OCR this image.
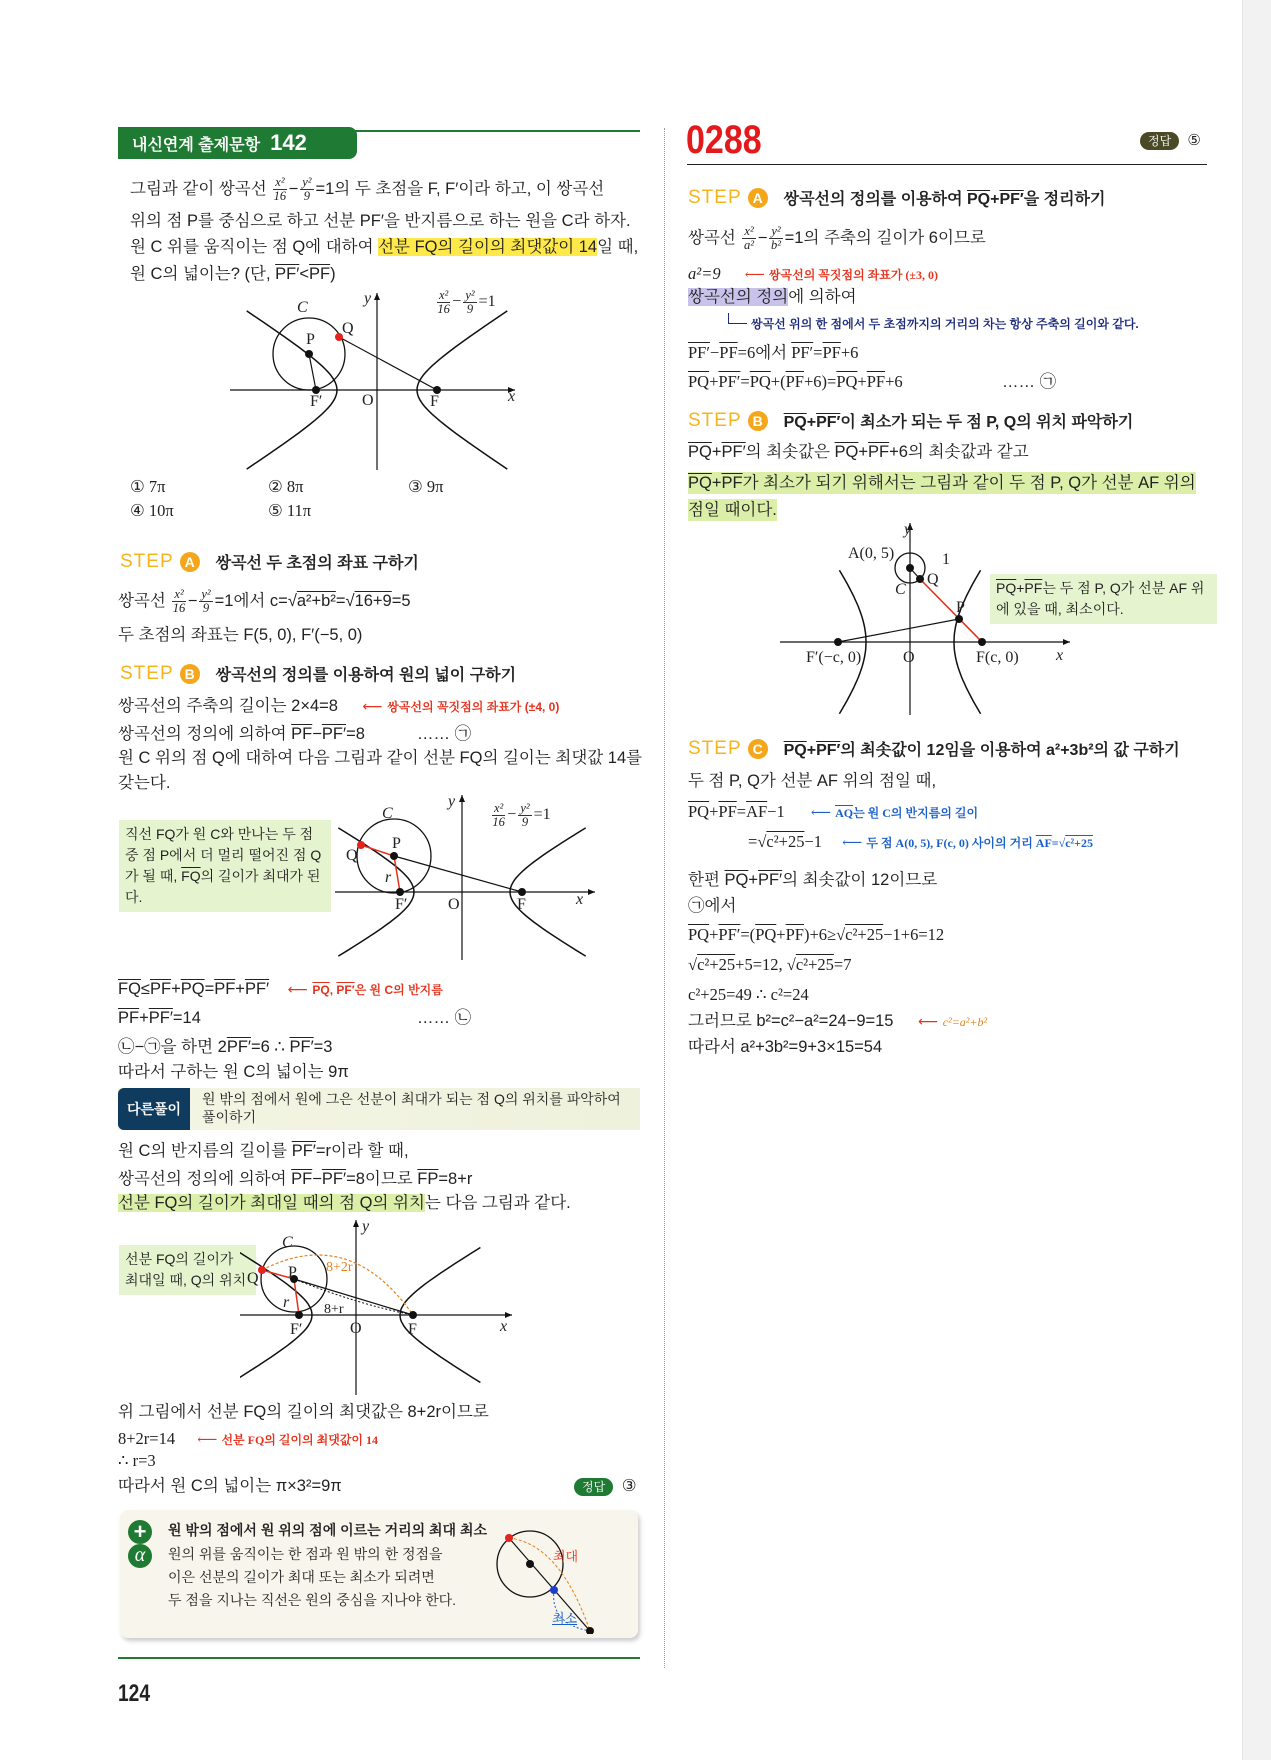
내신연계 출제문항 142
그림과 같이 쌍곡선 $\frac{\text{x²}}{16} - \frac{\text{y²}}{9} =1$의 두 초점을 F, F′이라 하고, 이 쌍곡선
위의 점 P를 중심으로 하고 선분 PF′을 반지름으로 하는 원을 C라 하자.
원 C 위를 움직이는 점 Q에 대하여 선분 FQ의 길이의 최댓값이 14일 때,
원 C의 넓이는? (단, $PF'<\overline{PF}$)
y
x
O	F
F′
P
Q
C	$\frac{\text{x²}}{16} - \frac{\text{y²}}{9} =1$
① 7π	② 8π	③ 9π
④ 10π	⑤ 11π
STEP A	쌍곡선 두 초점의 좌표 구하기
쌍곡선 $\frac{\text{x²}}{16} - \frac{\text{y²}}{9} =1$에서 c=√a²+b²=√16+9=5
두 초점의 좌표는 F(5, 0), F′(−5, 0)
STEP B	쌍곡선의 정의를 이용하여 원의 넓이 구하기
쌍곡선의 주축의 길이는 2×4=8 ⟵ 쌍곡선의 꼭짓점의 좌표가 (±4, 0)
쌍곡선의 정의에 의하여 $\overline{PF}-PF'=8$	…… ㉠
원 C 위의 점 Q에 대하여 다음 그림과 같이 선분 FQ의 길이는 최댓값 14를
갖는다.
직선 FQ가 원 C와 만나는 두 점 중 점 P에서 더 멀리 떨어진 점 Q가 될 때, $\overline{FQ}$의 길이가 최대가 된다.
y
x
O	F
F′
P
Q
r
C	$\frac{\text{x²}}{16} - \frac{\text{y²}}{9} =1$
$\overline{FQ}\le\overline{PF}+\overline{PQ}=\overline{PF}+PF'$ ⟵ $\overline{PQ}$, PF′은 원 C의 반지름
$\overline{PF}+PF'=14$	…… ㉡
㉡−㉠을 하면 2PF′=6 ∴ PF′=3
따라서 구하는 원 C의 넓이는 9π
다른풀이
원 밖의 점에서 원에 그은 선분이 최대가 되는 점 Q의 위치를 파악하여 풀이하기
원 C의 반지름의 길이를 PF′=r이라 할 때,
쌍곡선의 정의에 의하여 $\overline{PF}-PF'=8$이므로 $\overline{FP}=8+r$
선분 FQ의 길이가 최대일 때의 점 Q의 위치는 다음 그림과 같다.
선분 FQ의 길이가 최대일 때, Q의 위치
y
x
O	F
F′
P
Q
r
C
8+2r
8+r
위 그림에서 선분 FQ의 길이의 최댓값은 8+2r이므로
8+2r=14 ⟵ 선분 FQ의 길이의 최댓값이 14
∴ r=3
따라서 원 C의 넓이는 π×3²=9π	정답 ③
+
α
원 밖의 점에서 원 위의 점에 이르는 거리의 최대 최소
원의 위를 움직이는 한 점과 원 밖의 한 정점을
이은 선분의 길이가 최대 또는 최소가 되려면
두 점을 지나는 직선은 원의 중심을 지나야 한다.
최대
최소
124
0288	정답 ⑤
STEP A	쌍곡선의 정의를 이용하여 $\overline{PQ}+PF'$을 정리하기
쌍곡선 $\frac{\text{x²}}{\text{a²}} - \frac{\text{y²}}{\text{b²}} =1$의 주축의 길이가 6이므로
a²=9 ⟵ 쌍곡선의 꼭짓점의 좌표가 (±3, 0)
쌍곡선의 정의에 의하여
쌍곡선 위의 한 점에서 두 초점까지의 거리의 차는 항상 주축의 길이와 같다.
$PF'-\overline{PF}=6$에서 $PF'=\overline{PF}+6$
$\overline{PQ}+PF'=\overline{PQ}+(\overline{PF}+6)=\overline{PQ}+\overline{PF}+6$	…… ㉠
STEP B	$\overline{PQ}+PF'$이 최소가 되는 두 점 P, Q의 위치 파악하기
$\overline{PQ}+PF'$의 최솟값은 $\overline{PQ}+\overline{PF}+6$의 최솟값과 같고
$\overline{PQ}+\overline{PF}$가 최소가 되기 위해서는 그림과 같이 두 점 P, Q가 선분 AF 위의
점일 때이다.
y
A(0, 5)	1
Q
C
P
F′(−c, 0)	O	F(c, 0) x
$\overline{PQ}+\overline{PF}$는 두 점 P, Q가 선분 AF 위에 있을 때, 최소이다.
STEP C	$\overline{PQ}+PF'$의 최솟값이 12임을 이용하여 a²+3b²의 값 구하기
두 점 P, Q가 선분 AF 위의 점일 때,
$\overline{PQ}+\overline{PF}=\overline{AF}-1$ ⟵ $\overline{AQ}$는 원 C의 반지름의 길이
=√c²+25−1 ⟵ 두 점 A(0, 5), F(c, 0) 사이의 거리 $\overline{AF}=√c^2+25$
한편 $\overline{PQ}+PF'$의 최솟값이 12이므로
㉠에서
$\overline{PQ}+PF'=(\overline{PQ}+\overline{PF})+6\ge√c^2+25-1+6=12$
√c²+25+5=12, √c²+25=7
c²+25=49 ∴ c²=24
그러므로 b²=c²−a²=24−9=15 ⟵ c²=a²+b²
따라서 a²+3b²=9+3×15=54
